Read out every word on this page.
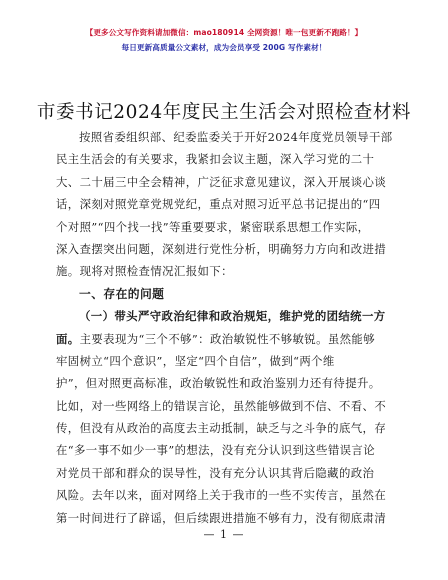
【更多公文写作资料请加微信：mao180914 全网资源！唯一包更新不跑路！】
每日更新高质量公文素材，成为会员享受 200G 写作素材！
市委书记2024年度民主生活会对照检查材料
按照省委组织部、纪委监委关于开好2024年度党员领导干部
民主生活会的有关要求，我紧扣会议主题，深入学习党的二十
大、二十届三中全会精神，广泛征求意见建议，深入开展谈心谈
话，深刻对照党章党规党纪，重点对照习近平总书记提出的“四
个对照”“四个找一找”等重要要求，紧密联系思想工作实际，
深入查摆突出问题，深刻进行党性分析，明确努力方向和改进措
施。现将对照检查情况汇报如下：
一、存在的问题
（一）带头严守政治纪律和政治规矩，维护党的团结统一方
面。主要表现为“三个不够”：政治敏锐性不够敏锐。虽然能够
牢固树立“四个意识”，坚定“四个自信”，做到“两个维
护”，但对照更高标准，政治敏锐性和政治鉴别力还有待提升。
比如，对一些网络上的错误言论，虽然能够做到不信、不看、不
传，但没有从政治的高度去主动抵制，缺乏与之斗争的底气，存
在“多一事不如少一事”的想法，没有充分认识到这些错误言论
对党员干部和群众的误导性，没有充分认识其背后隐藏的政治
风险。去年以来，面对网络上关于我市的一些不实传言，虽然在
第一时间进行了辟谣，但后续跟进措施不够有力，没有彻底肃清
— 1 —
